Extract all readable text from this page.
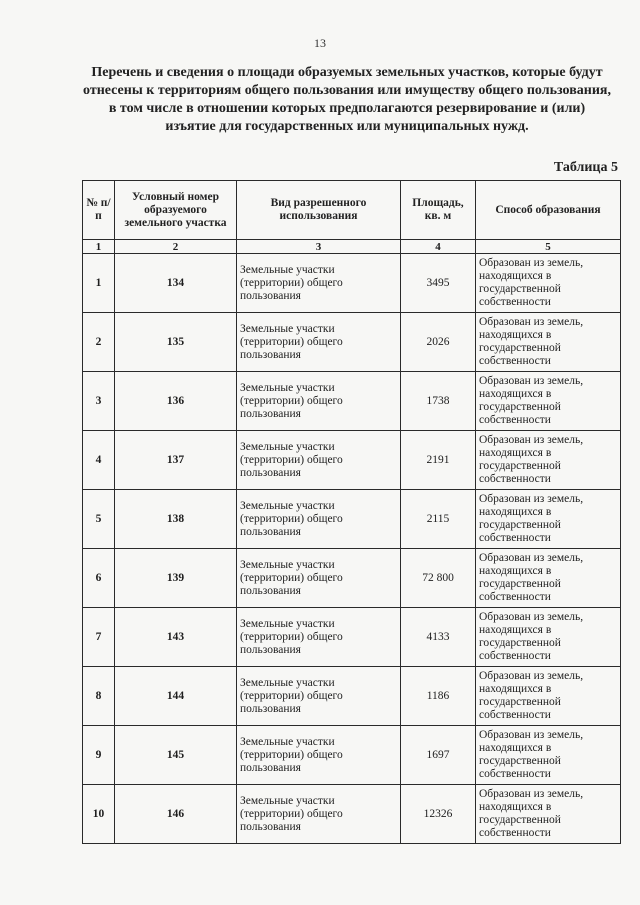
13
Перечень и сведения о площади образуемых земельных участков, которые будут отнесены к территориям общего пользования или имуществу общего пользования, в том числе в отношении которых предполагаются резервирование и (или) изъятие для государственных или муниципальных нужд.
Таблица 5
№ п/п	Условный номер образуемого земельного участка	Вид разрешенного использования	Площадь, кв. м	Способ образования
1	2	3	4	5
1	134	Земельные участки (территории) общего пользования	3495	Образован из земель, находящихся в государственной собственности
2	135	Земельные участки (территории) общего пользования	2026	Образован из земель, находящихся в государственной собственности
3	136	Земельные участки (территории) общего пользования	1738	Образован из земель, находящихся в государственной собственности
4	137	Земельные участки (территории) общего пользования	2191	Образован из земель, находящихся в государственной собственности
5	138	Земельные участки (территории) общего пользования	2115	Образован из земель, находящихся в государственной собственности
6	139	Земельные участки (территории) общего пользования	72 800	Образован из земель, находящихся в государственной собственности
7	143	Земельные участки (территории) общего пользования	4133	Образован из земель, находящихся в государственной собственности
8	144	Земельные участки (территории) общего пользования	1186	Образован из земель, находящихся в государственной собственности
9	145	Земельные участки (территории) общего пользования	1697	Образован из земель, находящихся в государственной собственности
10	146	Земельные участки (территории) общего пользования	12326	Образован из земель, находящихся в государственной собственности
